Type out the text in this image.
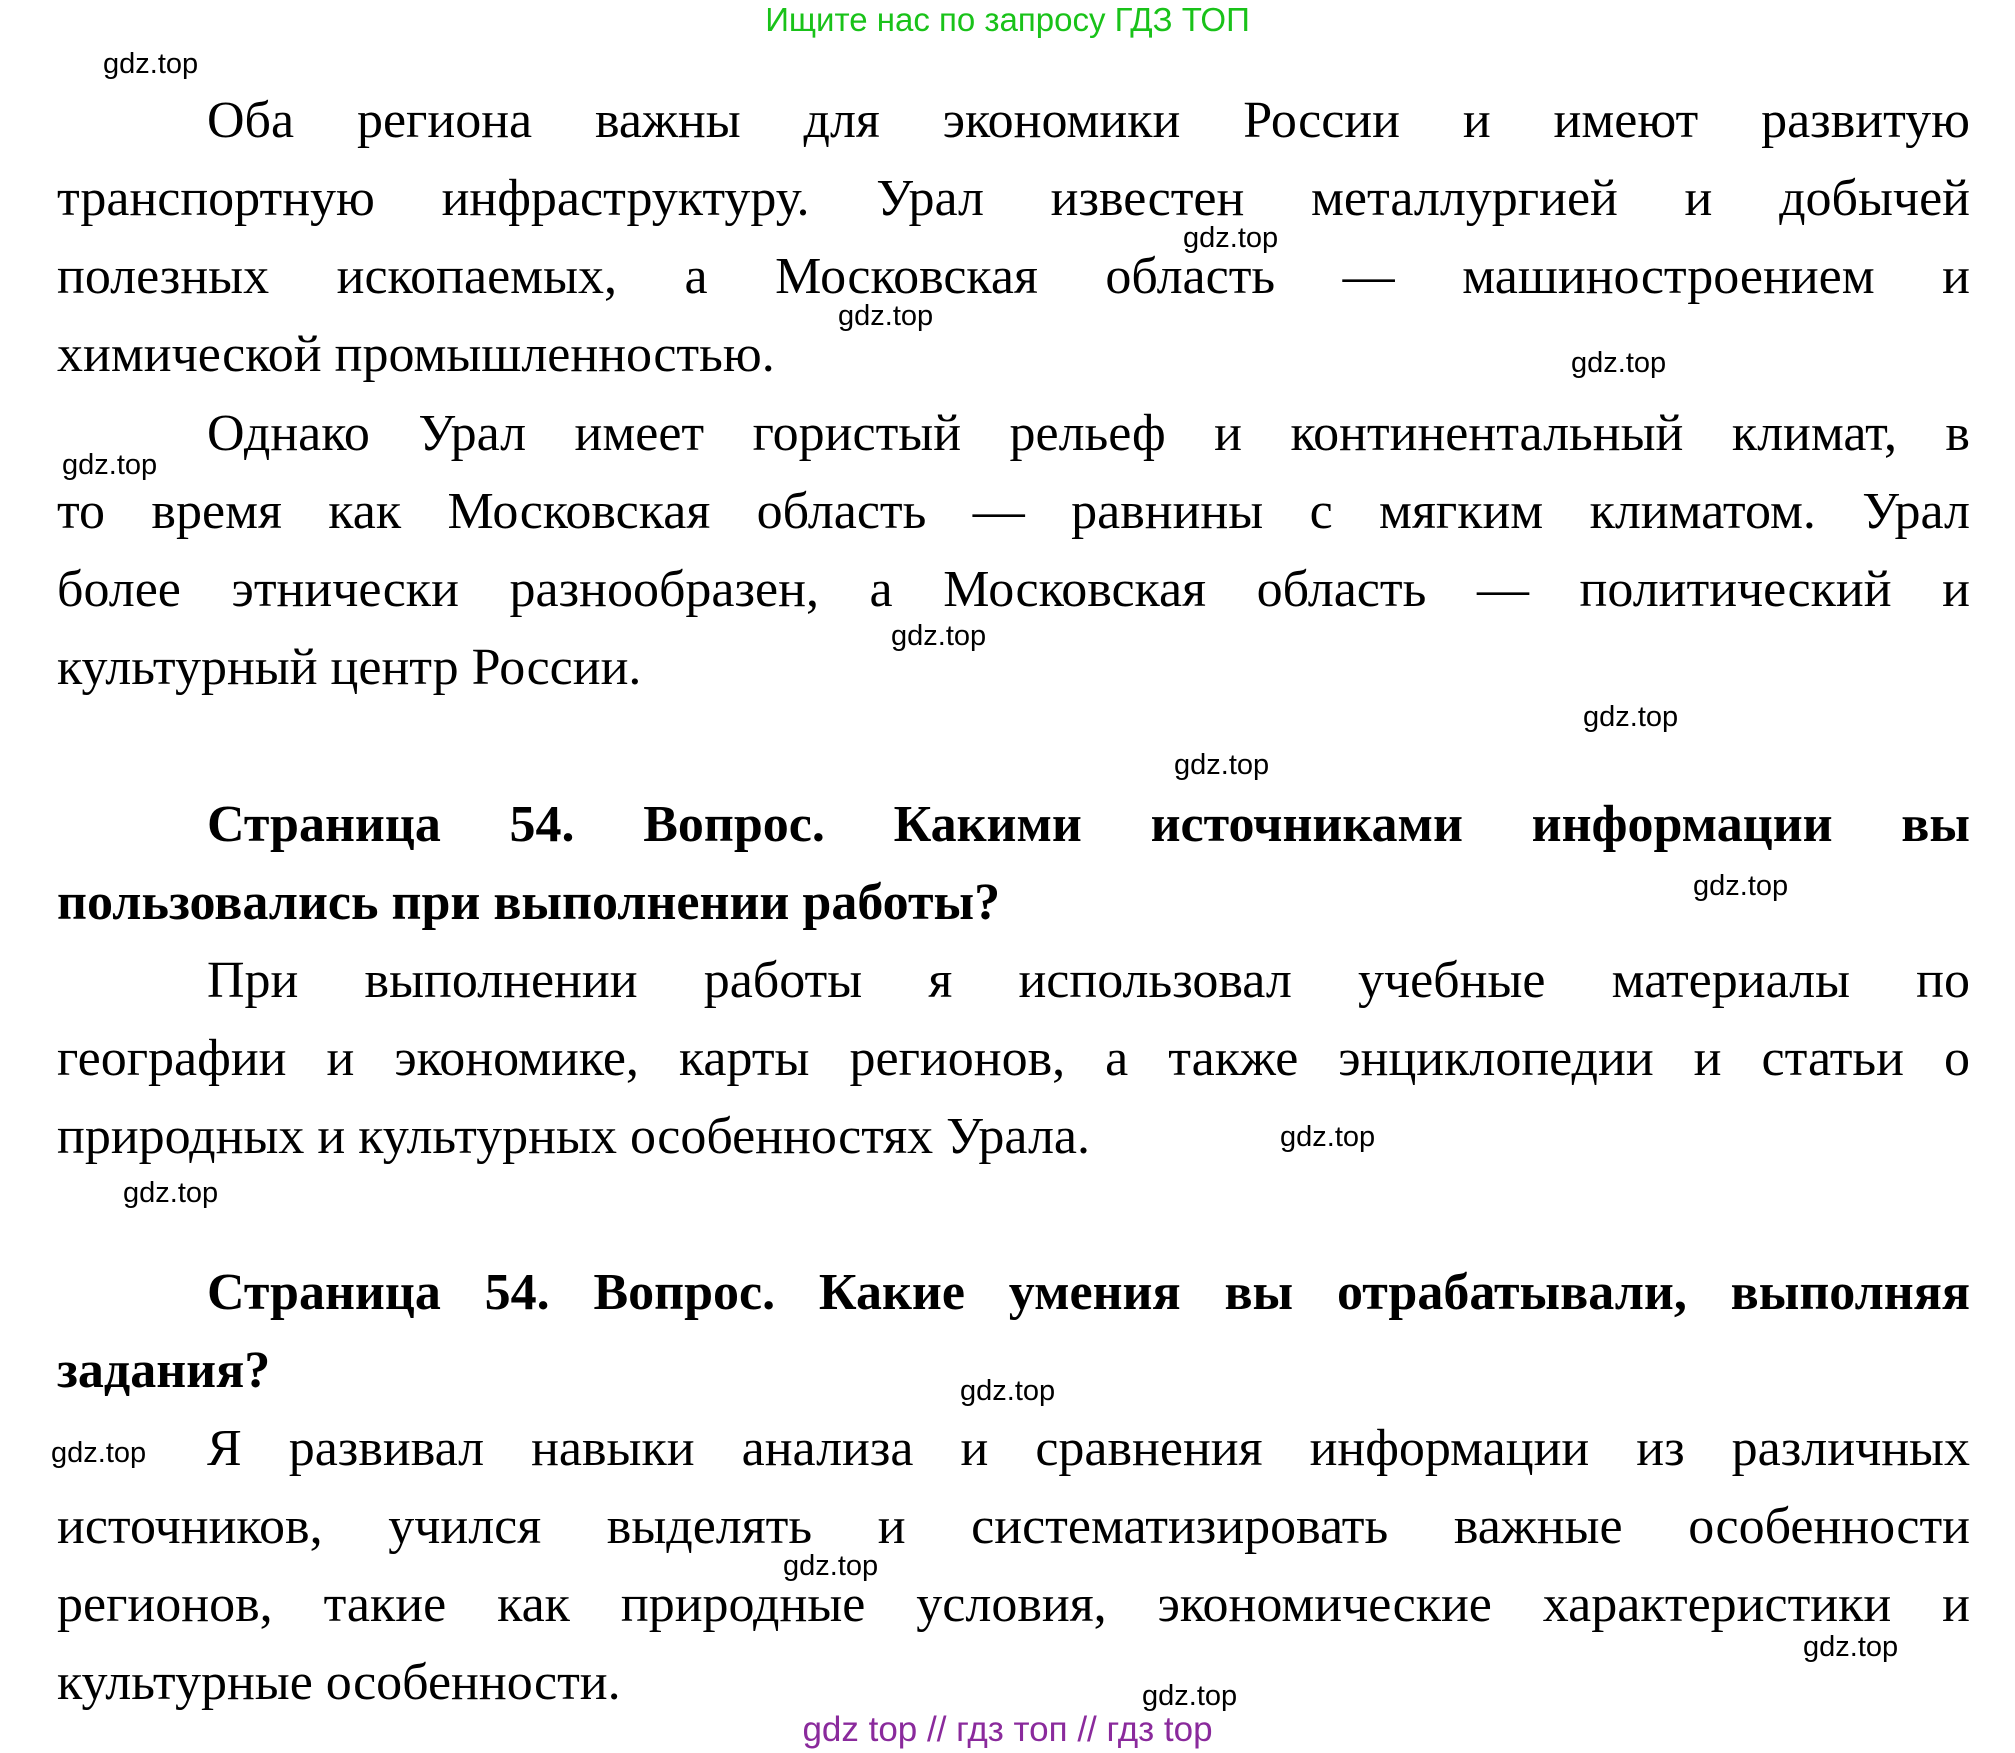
Ищите нас по запросу ГДЗ ТОП
Оба региона важны для экономики России и имеют развитую
транспортную инфраструктуру. Урал известен металлургией и добычей
полезных ископаемых, а Московская область — машиностроением и
химической промышленностью.
Однако Урал имеет гористый рельеф и континентальный климат, в
то время как Московская область — равнины с мягким климатом. Урал
более этнически разнообразен, а Московская область — политический и
культурный центр России.
Страница 54. Вопрос. Какими источниками информации вы
пользовались при выполнении работы?
При выполнении работы я использовал учебные материалы по
географии и экономике, карты регионов, а также энциклопедии и статьи о
природных и культурных особенностях Урала.
Страница 54. Вопрос. Какие умения вы отрабатывали, выполняя
задания?
Я развивал навыки анализа и сравнения информации из различных
источников, учился выделять и систематизировать важные особенности
регионов, такие как природные условия, экономические характеристики и
культурные особенности.
gdz.top
gdz.top
gdz.top
gdz.top
gdz.top
gdz.top
gdz.top
gdz.top
gdz.top
gdz.top
gdz.top
gdz.top
gdz.top
gdz.top
gdz.top
gdz.top
gdz top // гдз топ // гдз top
